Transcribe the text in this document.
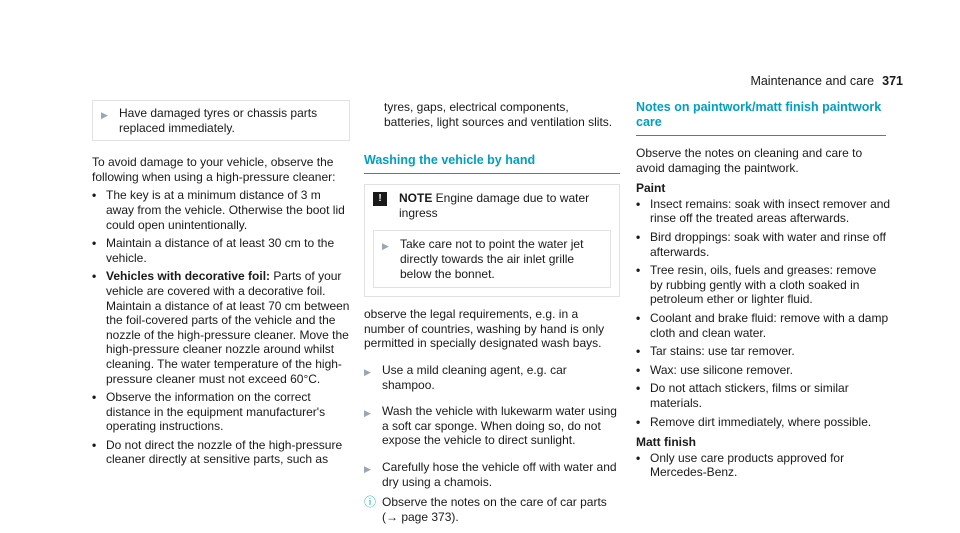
Maintenance and care 371
▶ Have damaged tyres or chassis parts replaced immediately.

To avoid damage to your vehicle, observe the following when using a high-pressure cleaner:

• The key is at a minimum distance of 3 m away from the vehicle. Otherwise the boot lid could open unintentionally.
• Maintain a distance of at least 30 cm to the vehicle.
• Vehicles with decorative foil: Parts of your vehicle are covered with a decorative foil. Maintain a distance of at least 70 cm between the foil-covered parts of the vehicle and the nozzle of the high-pressure cleaner. Move the high-pressure cleaner nozzle around whilst cleaning. The water temperature of the high-pressure cleaner must not exceed 60°C.
• Observe the information on the correct distance in the equipment manufacturer's operating instructions.
• Do not direct the nozzle of the high-pressure cleaner directly at sensitive parts, such as

tyres, gaps, electrical components, batteries, light sources and ventilation slits.

Washing the vehicle by hand
!	NOTE Engine damage due to water ingress
▶ Take care not to point the water jet directly towards the air inlet grille below the bonnet.

observe the legal requirements, e.g. in a number of countries, washing by hand is only permitted in specially designated wash bays.

▶ Use a mild cleaning agent, e.g. car shampoo.
▶ Wash the vehicle with lukewarm water using a soft car sponge. When doing so, do not expose the vehicle to direct sunlight.
▶ Carefully hose the vehicle off with water and dry using a chamois.
ⓘ Observe the notes on the care of car parts (→ page 373).
Notes on paintwork/matt finish paintwork care

Observe the notes on cleaning and care to avoid damaging the paintwork.

Paint

• Insect remains: soak with insect remover and rinse off the treated areas afterwards.
• Bird droppings: soak with water and rinse off afterwards.
• Tree resin, oils, fuels and greases: remove by rubbing gently with a cloth soaked in petroleum ether or lighter fluid.
• Coolant and brake fluid: remove with a damp cloth and clean water.
• Tar stains: use tar remover.
• Wax: use silicone remover.
• Do not attach stickers, films or similar materials.
• Remove dirt immediately, where possible.

Matt finish

• Only use care products approved for Mercedes-Benz.
